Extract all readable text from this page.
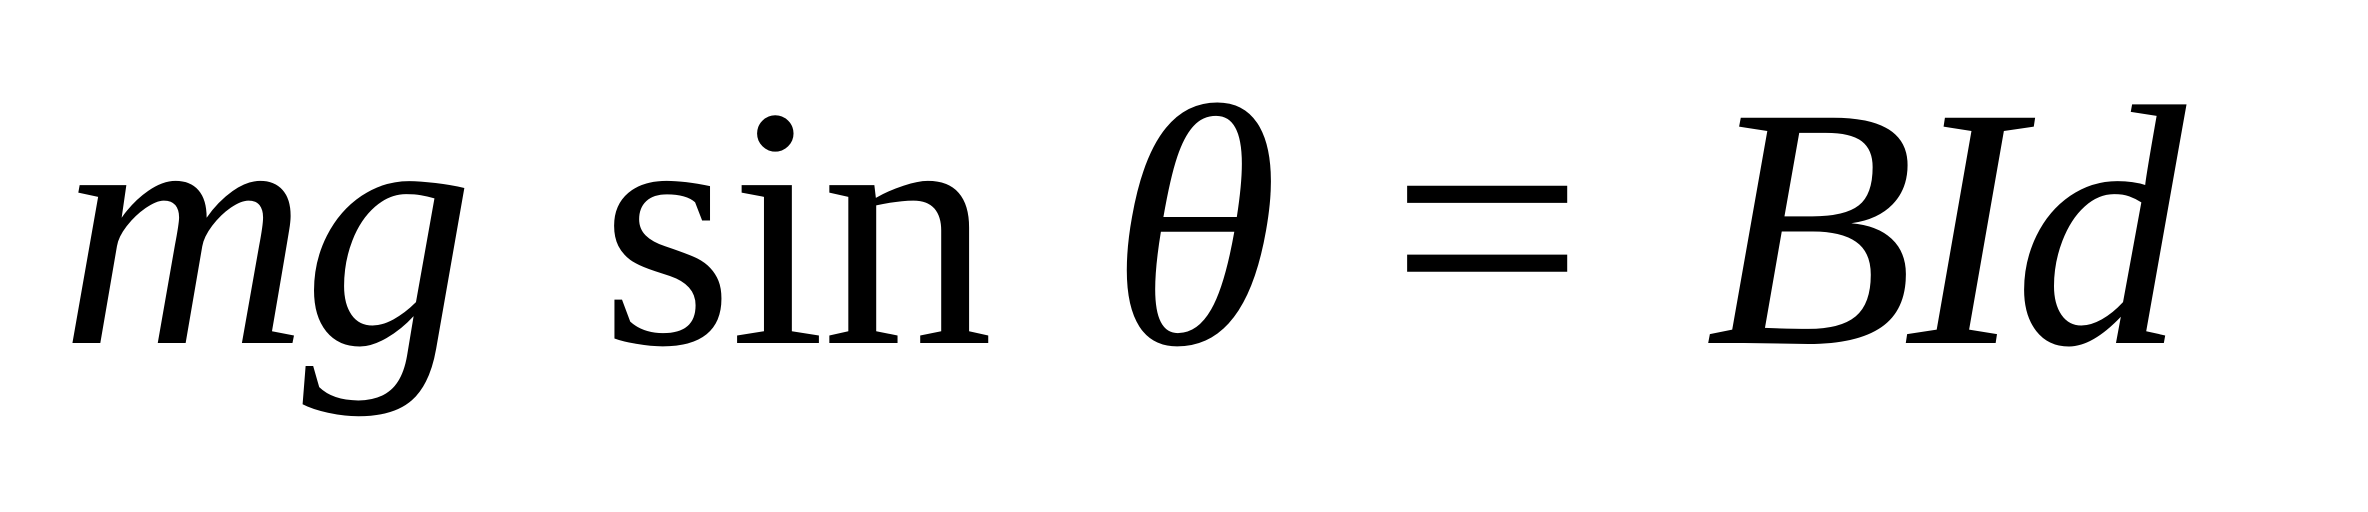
mg sin θ = BId
